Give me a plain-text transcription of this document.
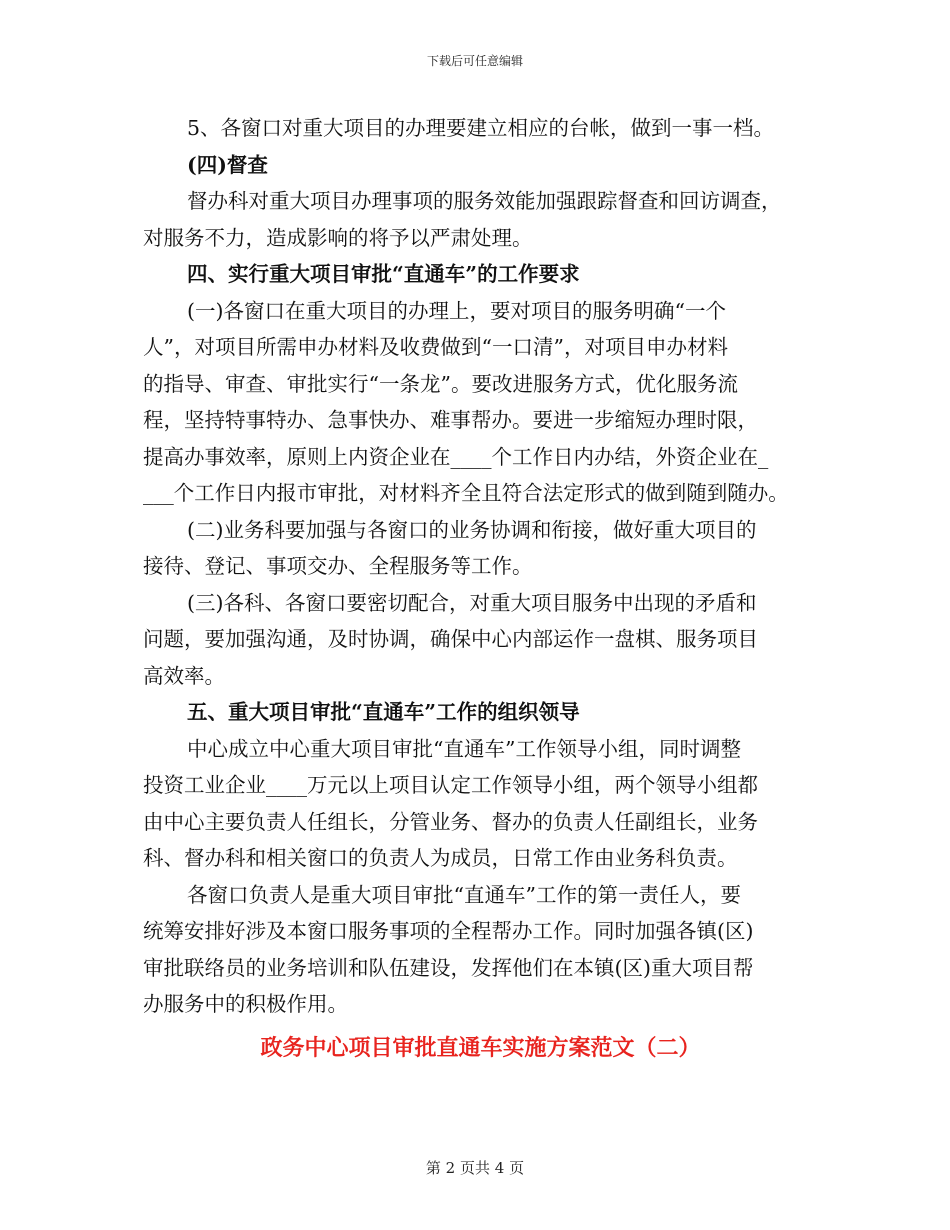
下载后可任意编辑
5、各窗口对重大项目的办理要建立相应的台帐，做到一事一档。
(四)督查
督办科对重大项目办理事项的服务效能加强跟踪督查和回访调查，
对服务不力，造成影响的将予以严肃处理。
四、实行重大项目审批“直通车”的工作要求
(一)各窗口在重大项目的办理上，要对项目的服务明确“一个
人”，对项目所需申办材料及收费做到“一口清”，对项目申办材料
的指导、审查、审批实行“一条龙”。要改进服务方式，优化服务流
程，坚持特事特办、急事快办、难事帮办。要进一步缩短办理时限，
提高办事效率，原则上内资企业在____个工作日内办结，外资企业在_
___个工作日内报市审批，对材料齐全且符合法定形式的做到随到随办。
(二)业务科要加强与各窗口的业务协调和衔接，做好重大项目的
接待、登记、事项交办、全程服务等工作。
(三)各科、各窗口要密切配合，对重大项目服务中出现的矛盾和
问题，要加强沟通，及时协调，确保中心内部运作一盘棋、服务项目
高效率。
五、重大项目审批“直通车”工作的组织领导
中心成立中心重大项目审批“直通车”工作领导小组，同时调整
投资工业企业____万元以上项目认定工作领导小组，两个领导小组都
由中心主要负责人任组长，分管业务、督办的负责人任副组长，业务
科、督办科和相关窗口的负责人为成员，日常工作由业务科负责。
各窗口负责人是重大项目审批“直通车”工作的第一责任人，要
统筹安排好涉及本窗口服务事项的全程帮办工作。同时加强各镇(区)
审批联络员的业务培训和队伍建设，发挥他们在本镇(区)重大项目帮
办服务中的积极作用。
政务中心项目审批直通车实施方案范文（二）
第 2 页共 4 页
